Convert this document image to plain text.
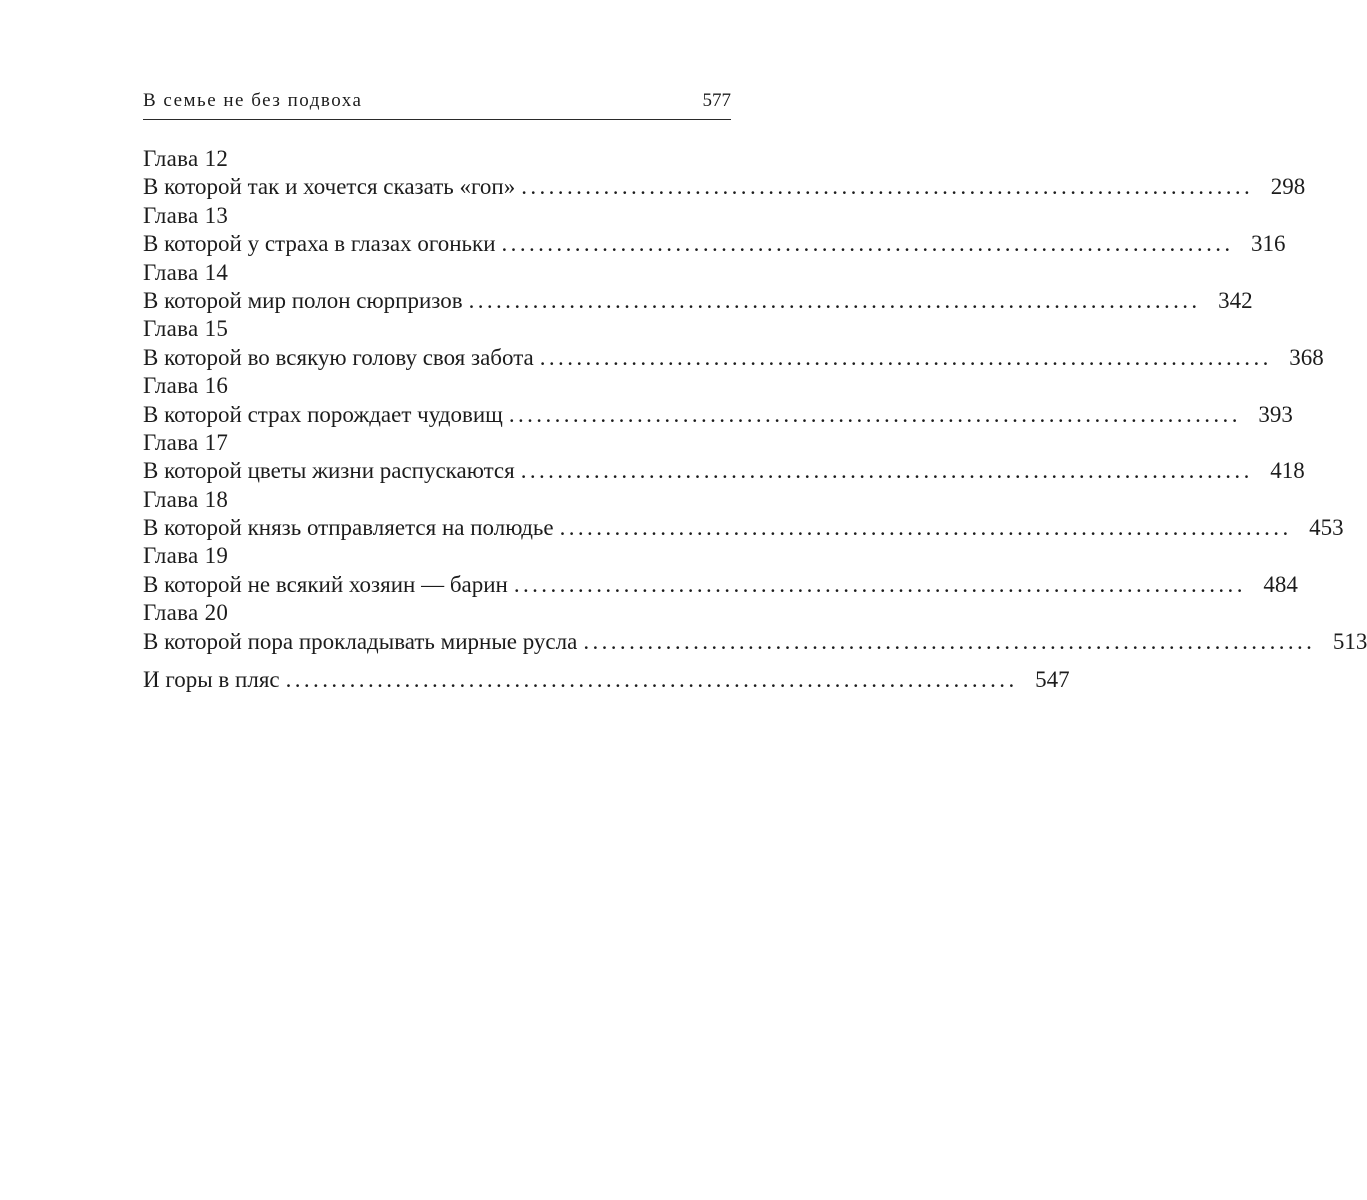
В семье не без подвоха	577
Глава 12
В которой так и хочется сказать «гоп» ................................................................................ 298
Глава 13
В которой у страха в глазах огоньки ................................................................................ 316
Глава 14
В которой мир полон сюрпризов ................................................................................ 342
Глава 15
В которой во всякую голову своя забота ................................................................................ 368
Глава 16
В которой страх порождает чудовищ ................................................................................ 393
Глава 17
В которой цветы жизни распускаются ................................................................................ 418
Глава 18
В которой князь отправляется на полюдье ................................................................................ 453
Глава 19
В которой не всякий хозяин — барин ................................................................................ 484
Глава 20
В которой пора прокладывать мирные русла ................................................................................ 513
И горы в пляс ................................................................................ 547
